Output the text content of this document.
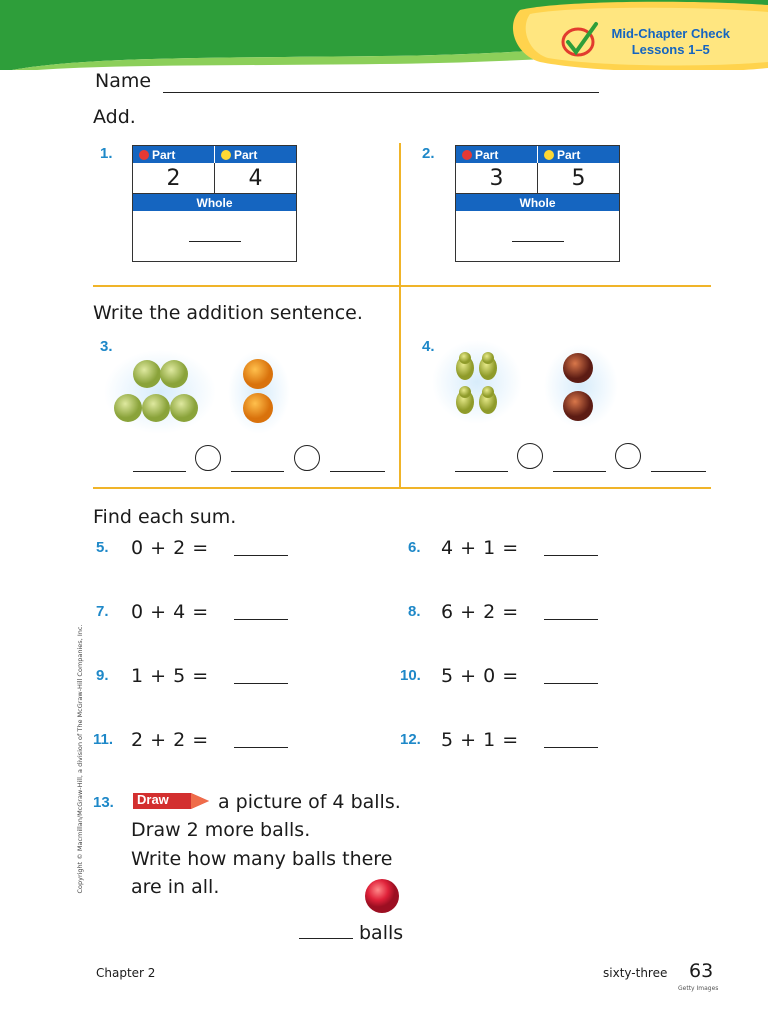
Mid-Chapter Check
Lessons 1–5
Name
Add.
1.	Part	Part
2	4
Whole
2.	Part	Part
3	5
Whole
Write the addition sentence.
3.	4.
Find each sum.
5. 0 + 2 =
7. 0 + 4 =
9. 1 + 5 =
11. 2 + 2 =
6. 4 + 1 =
8. 6 + 2 =
10. 5 + 0 =
12. 5 + 1 =
13. Draw	a picture of 4 balls.
Draw 2 more balls.
Write how many balls there
are in all.
balls
Copyright © Macmillan/McGraw-Hill, a division of The McGraw-Hill Companies, Inc.
Chapter 2	sixty-three 63
Getty Images
